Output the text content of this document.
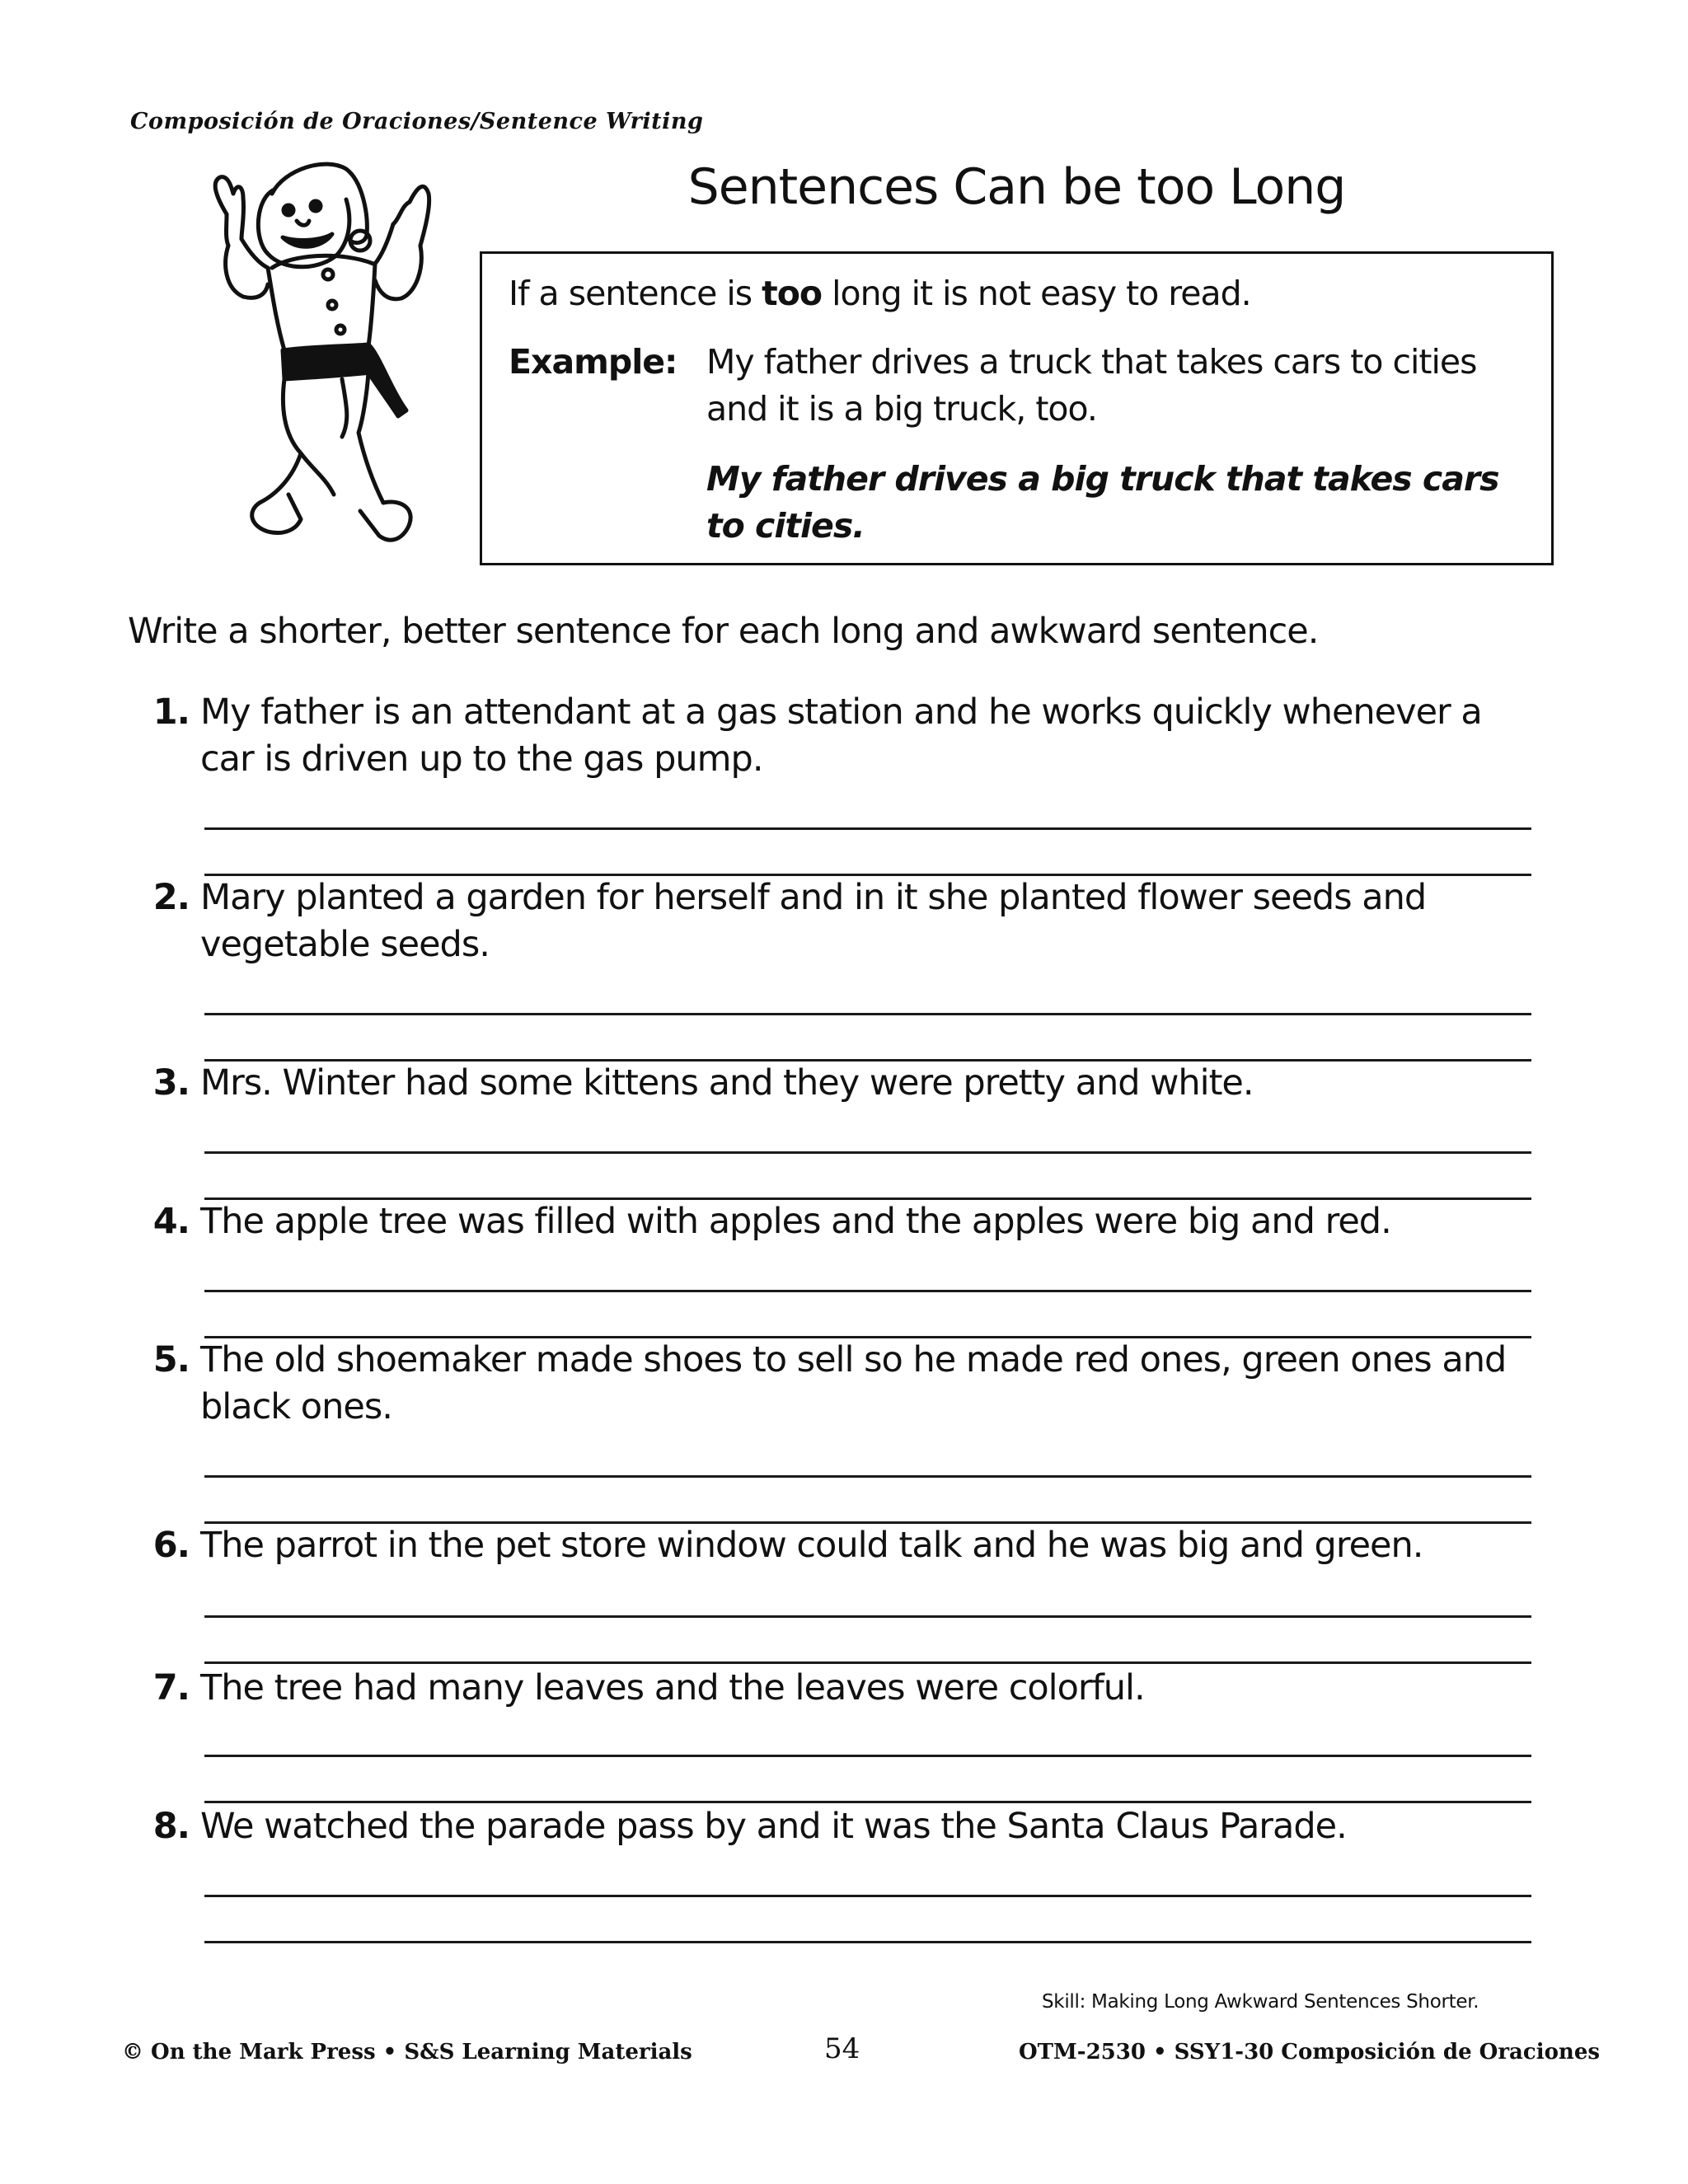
Composición de Oraciones/Sentence Writing
Sentences Can be too Long
If a sentence is too long it is not easy to read.
Example: My father drives a truck that takes cars to cities and it is a big truck, too.
My father drives a big truck that takes cars to cities.
Write a shorter, better sentence for each long and awkward sentence.
1. My father is an attendant at a gas station and he works quickly whenever a car is driven up to the gas pump.
2. Mary planted a garden for herself and in it she planted flower seeds and vegetable seeds.
3. Mrs. Winter had some kittens and they were pretty and white.
4. The apple tree was filled with apples and the apples were big and red.
5. The old shoemaker made shoes to sell so he made red ones, green ones and black ones.
6. The parrot in the pet store window could talk and he was big and green.
7. The tree had many leaves and the leaves were colorful.
8. We watched the parade pass by and it was the Santa Claus Parade.
Skill: Making Long Awkward Sentences Shorter.
© On the Mark Press • S&S Learning Materials	54	OTM-2530 • SSY1-30 Composición de Oraciones
